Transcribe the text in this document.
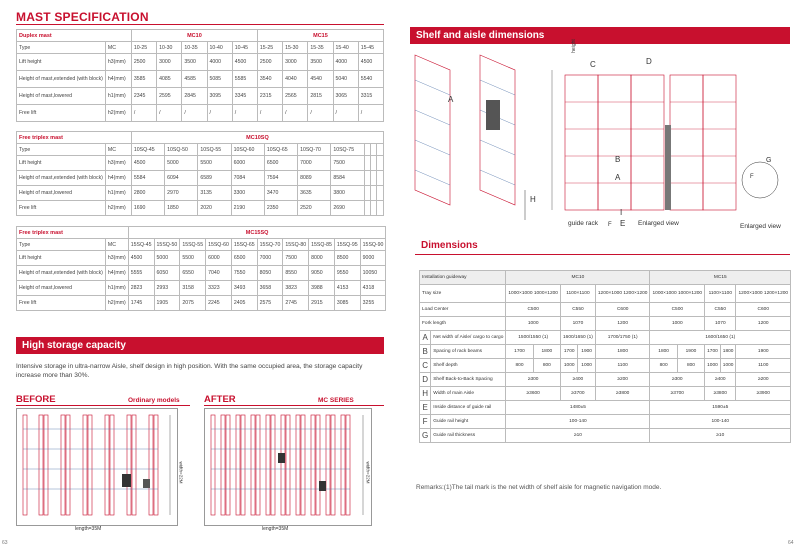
MAST SPECIFICATION
Duplex mast		MC10					MC15				
Type	MC	10-25	10-30	10-35	10-40	10-45	15-25	15-30	15-35	15-40	15-45
Lift height	h3(mm)	2500	3000	3500	4000	4500	2500	3000	3500	4000	4500
Height of mast,extended (with block)	h4(mm)	3585	4085	4585	5085	5585	3540	4040	4540	5040	5540
Height of mast,lowered	h1(mm)	2345	2595	2845	3095	3345	2315	2565	2815	3065	3315
Free lift	h2(mm)	/	/	/	/	/	/	/	/	/	/
Free triplex mast		MC10SQ									
Type	MC	10SQ-45	10SQ-50	10SQ-55	10SQ-60	10SQ-65	10SQ-70	10SQ-75			
Lift height	h3(mm)	4500	5000	5500	6000	6500	7000	7500			
Height of mast,extended (with block)	h4(mm)	5584	6094	6589	7084	7594	8089	8584			
Height of mast,lowered	h1(mm)	2800	2970	3135	3300	3470	3635	3800			
Free lift	h2(mm)	1690	1850	2020	2190	2350	2520	2690			
Free triplex mast		MC15SQ									
Type	MC	15SQ-45	15SQ-50	15SQ-55	15SQ-60	15SQ-65	15SQ-70	15SQ-80	15SQ-85	15SQ-95	15SQ-90
Lift height	h3(mm)	4500	5000	5500	6000	6500	7000	7500	8000	8500	9000
Height of mast,extended (with block)	h4(mm)	5555	6050	6550	7040	7550	8050	8550	9050	9550	10050
Height of mast,lowered	h1(mm)	2823	2993	3158	3323	3493	3658	3823	3988	4153	4318
Free lift	h2(mm)	1745	1905	2075	2245	2405	2575	2745	2915	3085	3255
High storage capacity
Intensive storage in ultra-narrow Aisle, shelf design in high position. With the same occupied area, the storage capacity increase more than 30%.
BEFORE	Ordinary models	AFTER	MC SERIES
length=35M	length=35M
width=22M	width=22M
63
Shelf and aisle dimensions
64
A
H
C	D
B
A
I
E
F
F
G
height
guide rack	Enlarged view	Enlarged view
Dimensions
Installation guideway		MC10					MC15				
Tray size		1000×1000 1000×1200		1100×1100		1200×1000 1200×1200	1000×1000 1000×1200		1100×1100		1200×1000 1200×1200
Load Center		C500		C550		C600	C500		C550		C600
Fork length		1000		1070		1200	1000		1070		1200
A	Net width of Aisle/ cargo to cargo	1500/1550 (1)		1600/1650 (1)		1700/1750 (1)	1600/1650 (1)				
B	Spacing of rack beams	1700	1800	1700	1900	1800	1800	1900	1700	1800	1900
C	Shelf depth	800	800	1000	1000	1100	800	800	1000	1000	1100
D	Shelf Back-to-Back Spacing	≥300		≥400		≥200	≥300		≥400		≥200
H	Width of main Aisle	≥3600		≥3700		≥3800	≥3700		≥3800		≥3900
E	Inside distance of guide rail	1480±5					1590±5				
F	Guide rail height	100-140					100-140				
G	Guide rail thickness	≥10					≥10				
Remarks:(1)The tail mark is the net width of shelf aisle for magnetic navigation mode.
